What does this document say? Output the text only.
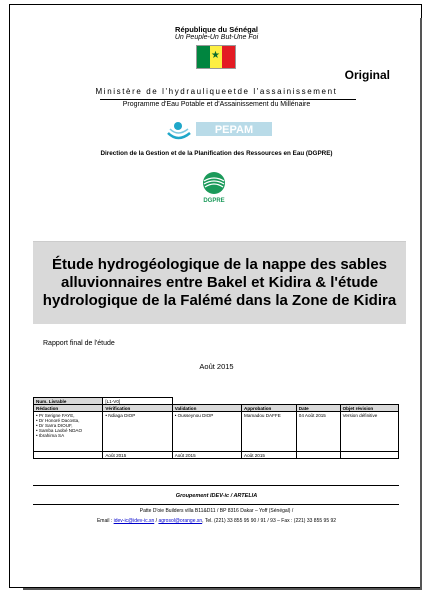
République du Sénégal
Un Peuple-Un But-Une Foi
★
Original
Ministère de l'hydrauliqueetde l'assainissement
Programme d'Eau Potable et d'Assainissement du Millénaire
PEPAM
Direction de la Gestion et de la Planification des Ressources en Eau (DGPRE)
DGPRE
Étude hydrogéologique de la nappe des sables alluvionnaires entre Bakel et Kidira & l'étude hydrologique de la Falémé dans la Zone de Kidira
Rapport final de l'étude
Août 2015
Num. Livrable	[L1-V0]				
Rédaction	Vérification	Validation	Approbation	Date	Objet révision

• Pr Serigne FAYE,
• Dr Honoré Dacosta,
• Dr Sarra DIOUF,
• Samba Laobé NDAO
• Ibrahima SA	• Ndiaga DIOP	• Ousseynou DIOP	Mamadou DAFFE	04 Août 2015	Version définitive
	Août 2015	Août 2015	Août 2015		
Groupement IDEV-ic / ARTELIA
Patte D'oie Builders villa B11&D11 / BP 8316 Dakar – Yoff (Sénégal) /
Email : idev-ic@idev-ic.sn / agrosol@orange.sn, Tel. (221) 33 855 95 90 / 91 / 93 – Fax : (221) 33 855 95 92
